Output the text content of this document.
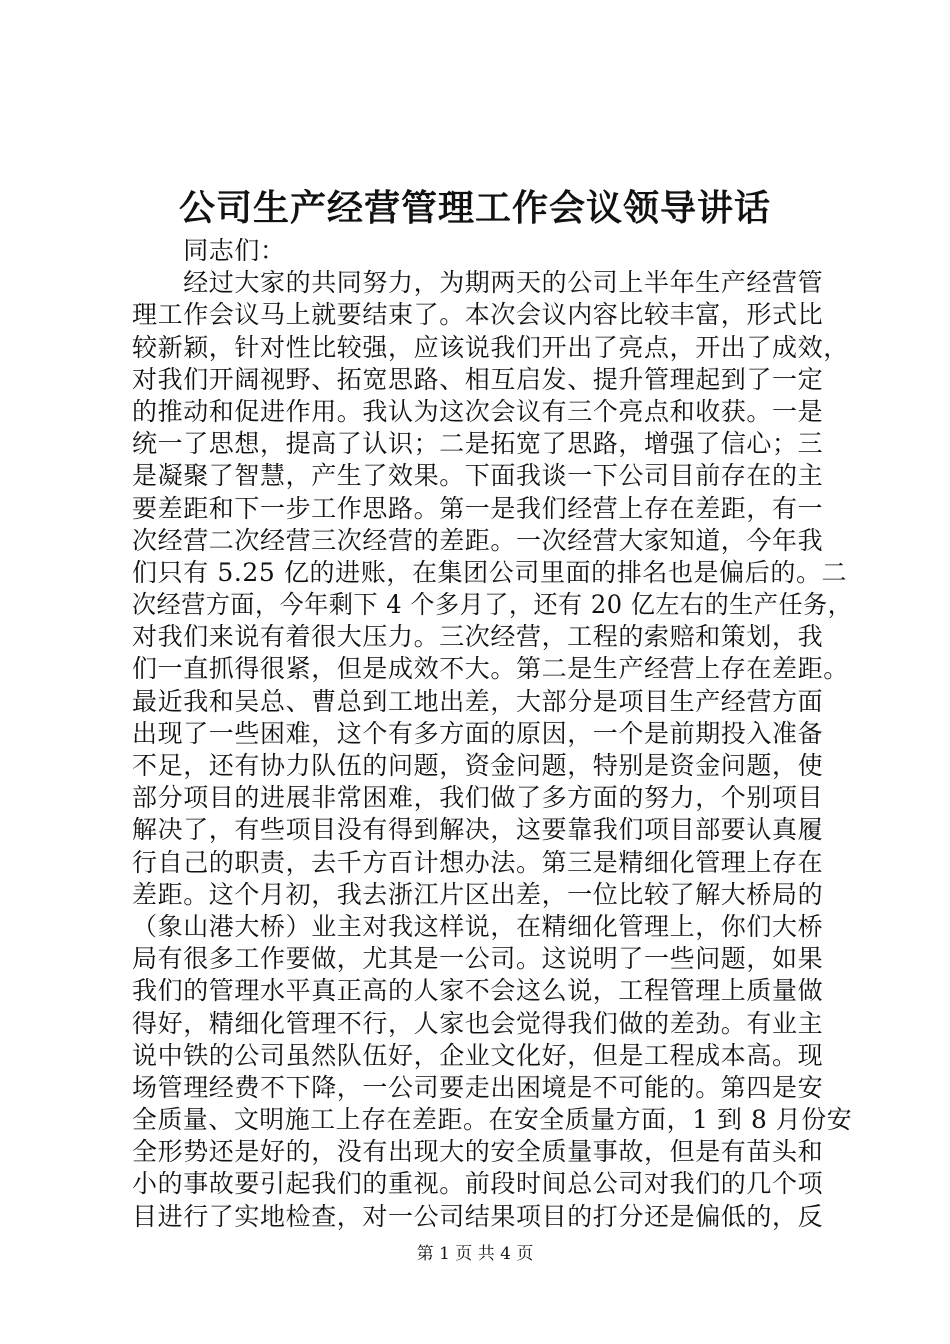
公司生产经营管理工作会议领导讲话
　　同志们：
　　经过大家的共同努力，为期两天的公司上半年生产经营管
理工作会议马上就要结束了。本次会议内容比较丰富，形式比
较新颖，针对性比较强，应该说我们开出了亮点，开出了成效，
对我们开阔视野、拓宽思路、相互启发、提升管理起到了一定
的推动和促进作用。我认为这次会议有三个亮点和收获。一是
统一了思想，提高了认识；二是拓宽了思路，增强了信心；三
是凝聚了智慧，产生了效果。下面我谈一下公司目前存在的主
要差距和下一步工作思路。第一是我们经营上存在差距，有一
次经营二次经营三次经营的差距。一次经营大家知道，今年我
们只有 5.25 亿的进账，在集团公司里面的排名也是偏后的。二
次经营方面，今年剩下 4 个多月了，还有 20 亿左右的生产任务，
对我们来说有着很大压力。三次经营，工程的索赔和策划，我
们一直抓得很紧，但是成效不大。第二是生产经营上存在差距。
最近我和吴总、曹总到工地出差，大部分是项目生产经营方面
出现了一些困难，这个有多方面的原因，一个是前期投入准备
不足，还有协力队伍的问题，资金问题，特别是资金问题，使
部分项目的进展非常困难，我们做了多方面的努力，个别项目
解决了，有些项目没有得到解决，这要靠我们项目部要认真履
行自己的职责，去千方百计想办法。第三是精细化管理上存在
差距。这个月初，我去浙江片区出差，一位比较了解大桥局的
（象山港大桥）业主对我这样说，在精细化管理上，你们大桥
局有很多工作要做，尤其是一公司。这说明了一些问题，如果
我们的管理水平真正高的人家不会这么说，工程管理上质量做
得好，精细化管理不行，人家也会觉得我们做的差劲。有业主
说中铁的公司虽然队伍好，企业文化好，但是工程成本高。现
场管理经费不下降，一公司要走出困境是不可能的。第四是安
全质量、文明施工上存在差距。在安全质量方面，1 到 8 月份安
全形势还是好的，没有出现大的安全质量事故，但是有苗头和
小的事故要引起我们的重视。前段时间总公司对我们的几个项
目进行了实地检查，对一公司结果项目的打分还是偏低的，反
第 1 页 共 4 页
